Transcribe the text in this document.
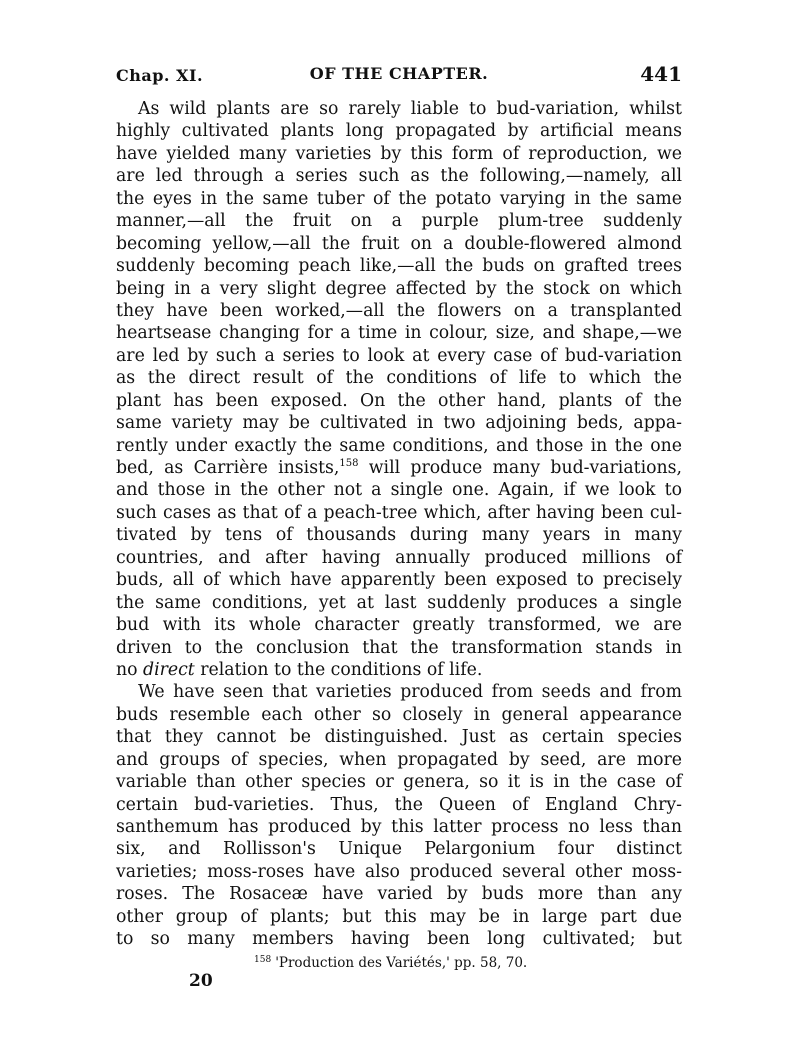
Chap. XI.	OF THE CHAPTER.	441
As wild plants are so rarely liable to bud-variation, whilst
highly cultivated plants long propagated by artificial means
have yielded many varieties by this form of reproduction, we
are led through a series such as the following,—namely, all
the eyes in the same tuber of the potato varying in the same
manner,—all the fruit on a purple plum-tree suddenly
becoming yellow,—all the fruit on a double-flowered almond
suddenly becoming peach like,—all the buds on grafted trees
being in a very slight degree affected by the stock on which
they have been worked,—all the flowers on a transplanted
heartsease changing for a time in colour, size, and shape,—we
are led by such a series to look at every case of bud-variation
as the direct result of the conditions of life to which the
plant has been exposed. On the other hand, plants of the
same variety may be cultivated in two adjoining beds, appa-
rently under exactly the same conditions, and those in the one
bed, as Carrière insists,$^{158}$ will produce many bud-variations,
and those in the other not a single one. Again, if we look to
such cases as that of a peach-tree which, after having been cul-
tivated by tens of thousands during many years in many
countries, and after having annually produced millions of
buds, all of which have apparently been exposed to precisely
the same conditions, yet at last suddenly produces a single
bud with its whole character greatly transformed, we are
driven to the conclusion that the transformation stands in
no direct relation to the conditions of life.
We have seen that varieties produced from seeds and from
buds resemble each other so closely in general appearance
that they cannot be distinguished. Just as certain species
and groups of species, when propagated by seed, are more
variable than other species or genera, so it is in the case of
certain bud-varieties. Thus, the Queen of England Chry-
santhemum has produced by this latter process no less than
six, and Rollisson's Unique Pelargonium four distinct
varieties; moss-roses have also produced several other moss-
roses. The Rosaceæ have varied by buds more than any
other group of plants; but this may be in large part due
to so many members having been long cultivated; but
$^{158}$ 'Production des Variétés,' pp. 58, 70.
20
